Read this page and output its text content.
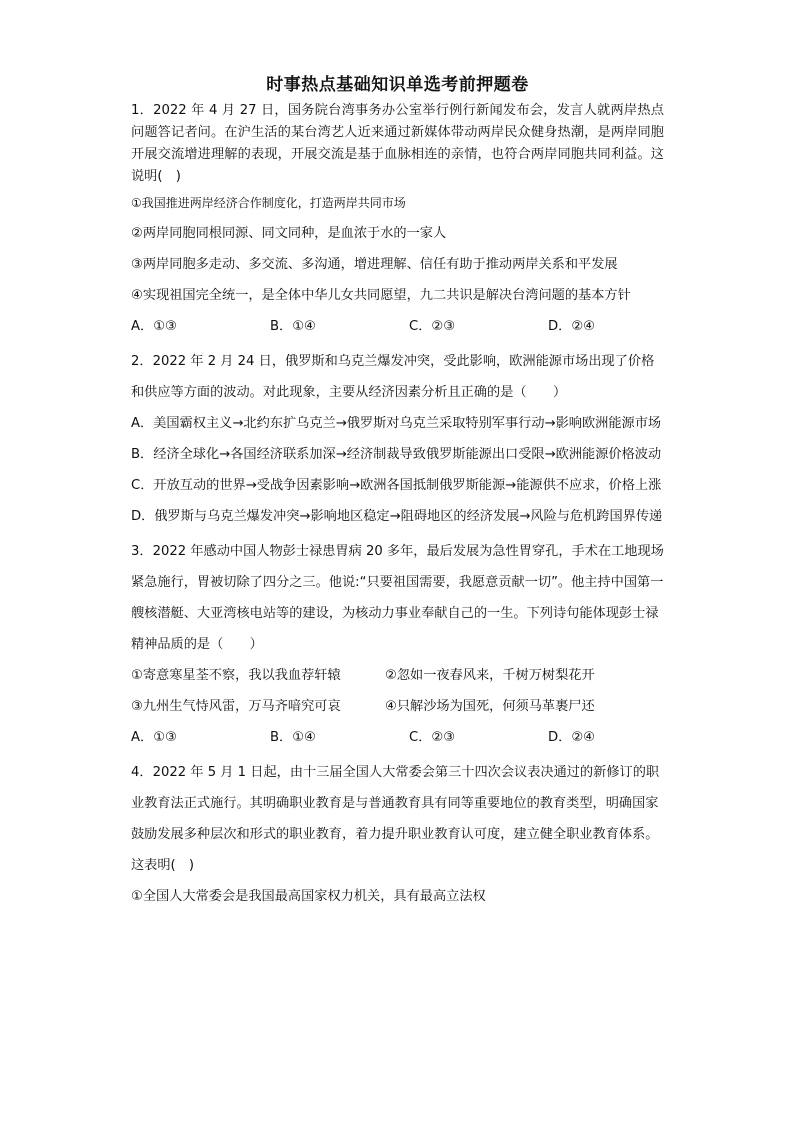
时事热点基础知识单选考前押题卷

1．2022 年 4 月 27 日，国务院台湾事务办公室举行例行新闻发布会，发言人就两岸热点问题答记者问。在沪生活的某台湾艺人近来通过新媒体带动两岸民众健身热潮，是两岸同胞开展交流增进理解的表现，开展交流是基于血脉相连的亲情，也符合两岸同胞共同利益。这说明(　)

①我国推进两岸经济合作制度化，打造两岸共同市场

②两岸同胞同根同源、同文同种，是血浓于水的一家人

③两岸同胞多走动、多交流、多沟通，增进理解、信任有助于推动两岸关系和平发展

④实现祖国完全统一，是全体中华儿女共同愿望，九二共识是解决台湾问题的基本方针

A．①③	B．①④	C．②③	D．②④

2．2022 年 2 月 24 日，俄罗斯和乌克兰爆发冲突，受此影响，欧洲能源市场出现了价格和供应等方面的波动。对此现象，主要从经济因素分析且正确的是（　　）

A．美国霸权主义→北约东扩乌克兰→俄罗斯对乌克兰采取特别军事行动→影响欧洲能源市场

B．经济全球化→各国经济联系加深→经济制裁导致俄罗斯能源出口受限→欧洲能源价格波动

C．开放互动的世界→受战争因素影响→欧洲各国抵制俄罗斯能源→能源供不应求，价格上涨

D．俄罗斯与乌克兰爆发冲突→影响地区稳定→阻碍地区的经济发展→风险与危机跨国界传递

3．2022 年感动中国人物彭士禄患胃病 20 多年，最后发展为急性胃穿孔，手术在工地现场紧急施行，胃被切除了四分之三。他说:“只要祖国需要，我愿意贡献一切”。他主持中国第一艘核潜艇、大亚湾核电站等的建设，为核动力事业奉献自己的一生。下列诗句能体现彭士禄精神品质的是（　　）

①寄意寒星荃不察，我以我血荐轩辕	②忽如一夜春风来，千树万树梨花开
③九州生气恃风雷，万马齐喑究可哀	④只解沙场为国死，何须马革裹尸还
A．①③	B．①④	C．②③	D．②④

4．2022 年 5 月 1 日起，由十三届全国人大常委会第三十四次会议表决通过的新修订的职业教育法正式施行。其明确职业教育是与普通教育具有同等重要地位的教育类型，明确国家鼓励发展多种层次和形式的职业教育，着力提升职业教育认可度，建立健全职业教育体系。这表明(　)

①全国人大常委会是我国最高国家权力机关，具有最高立法权
